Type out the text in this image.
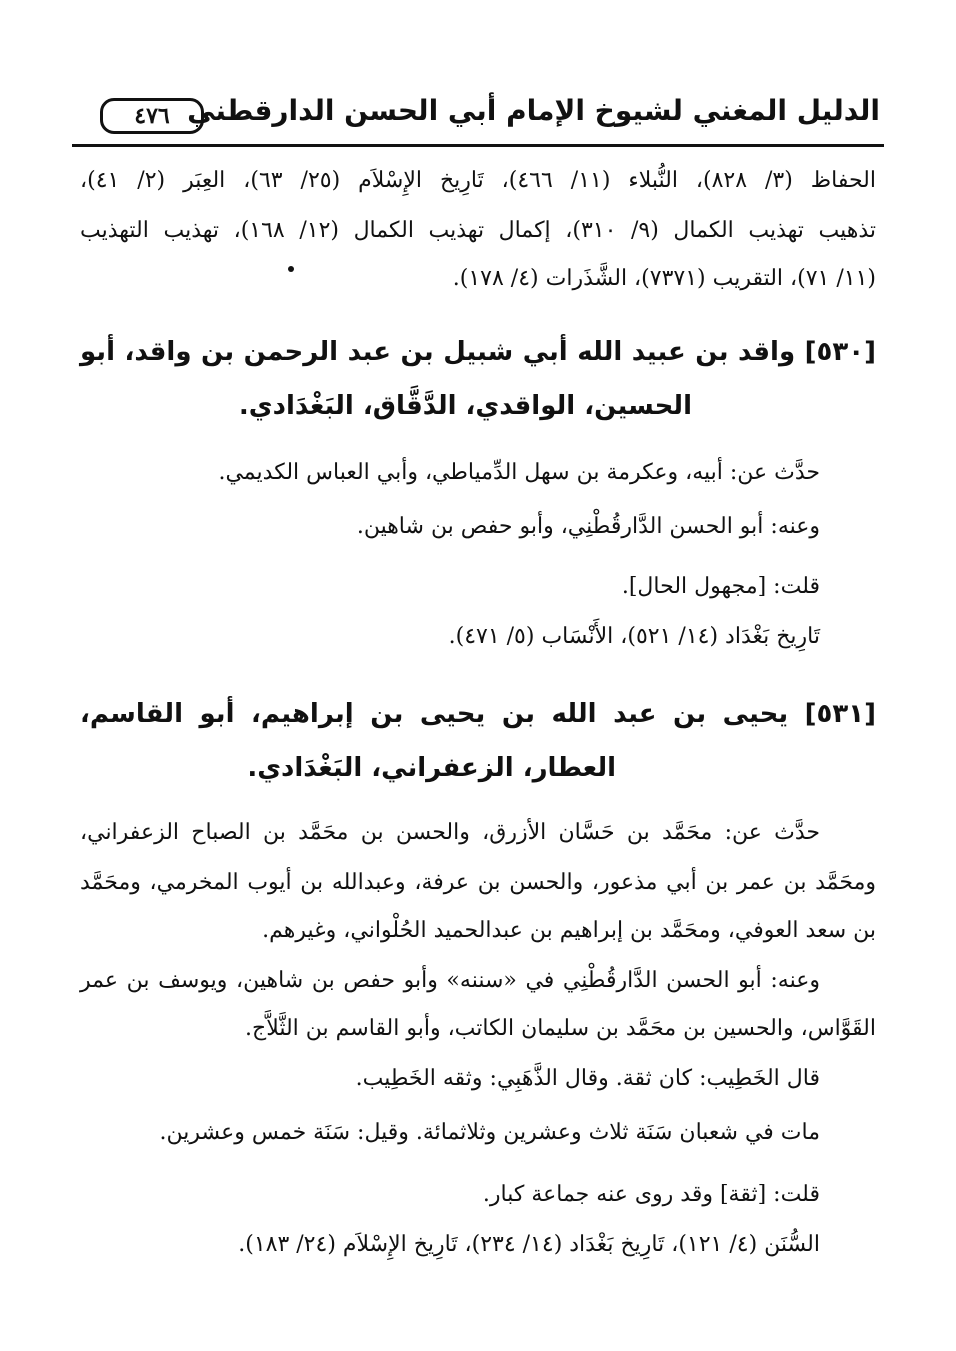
الدليل المغني لشيوخ الإمام أبي الحسن الدارقطني
٤٧٦
الحفاظ (٣/ ٨٢٨)، النُّبلاء (١١/ ٤٦٦)، تَارِيخ الإِسْلاَم (٢٥/ ٦٣)، العِبَر (٢/ ٤١)،
تذهيب تهذيب الكمال (٩/ ٣١٠)، إكمال تهذيب الكمال (١٢/ ١٦٨)، تهذيب التهذيب
(١١/ ٧١)، التقريب (٧٣٧١)، الشَّذَرات (٤/ ١٧٨).
[٥٣٠] واقد بن عبيد الله أبي شبيل بن عبد الرحمن بن واقد، أبو
الحسين، الواقدي، الدَّقَّاق، البَغْدَادي.
حدَّث عن: أبيه، وعكرمة بن سهل الدِّمياطي، وأبي العباس الكديمي.
وعنه: أبو الحسن الدَّارقُطْنِي، وأبو حفص بن شاهين.
قلت: [مجهول الحال].
تَارِيخ بَغْدَاد (١٤/ ٥٢١)، الأَنْسَاب (٥/ ٤٧١).
[٥٣١] يحيى بن عبد الله بن يحيى بن إبراهيم، أبو القاسم،
العطار، الزعفراني، البَغْدَادي.
حدَّث عن: محَمَّد بن حَسَّان الأزرق، والحسن بن محَمَّد بن الصباح الزعفراني،
ومحَمَّد بن عمر بن أبي مذعور، والحسن بن عرفة، وعبدالله بن أيوب المخرمي، ومحَمَّد
بن سعد العوفي، ومحَمَّد بن إبراهيم بن عبدالحميد الحُلْواني، وغيرهم.
وعنه: أبو الحسن الدَّارقُطْنِي في «سننه» وأبو حفص بن شاهين، ويوسف بن عمر
القَوَّاس، والحسين بن محَمَّد بن سليمان الكاتب، وأبو القاسم بن الثَّلاَّج.
قال الخَطِيب: كان ثقة. وقال الذَّهَبِي: وثقه الخَطِيب.
مات في شعبان سَنَة ثلاث وعشرين وثلاثمائة. وقيل: سَنَة خمس وعشرين.
قلت: [ثقة] وقد روى عنه جماعة كبار.
السُّنَن (٤/ ١٢١)، تَارِيخ بَغْدَاد (١٤/ ٢٣٤)، تَارِيخ الإِسْلاَم (٢٤/ ١٨٣).
